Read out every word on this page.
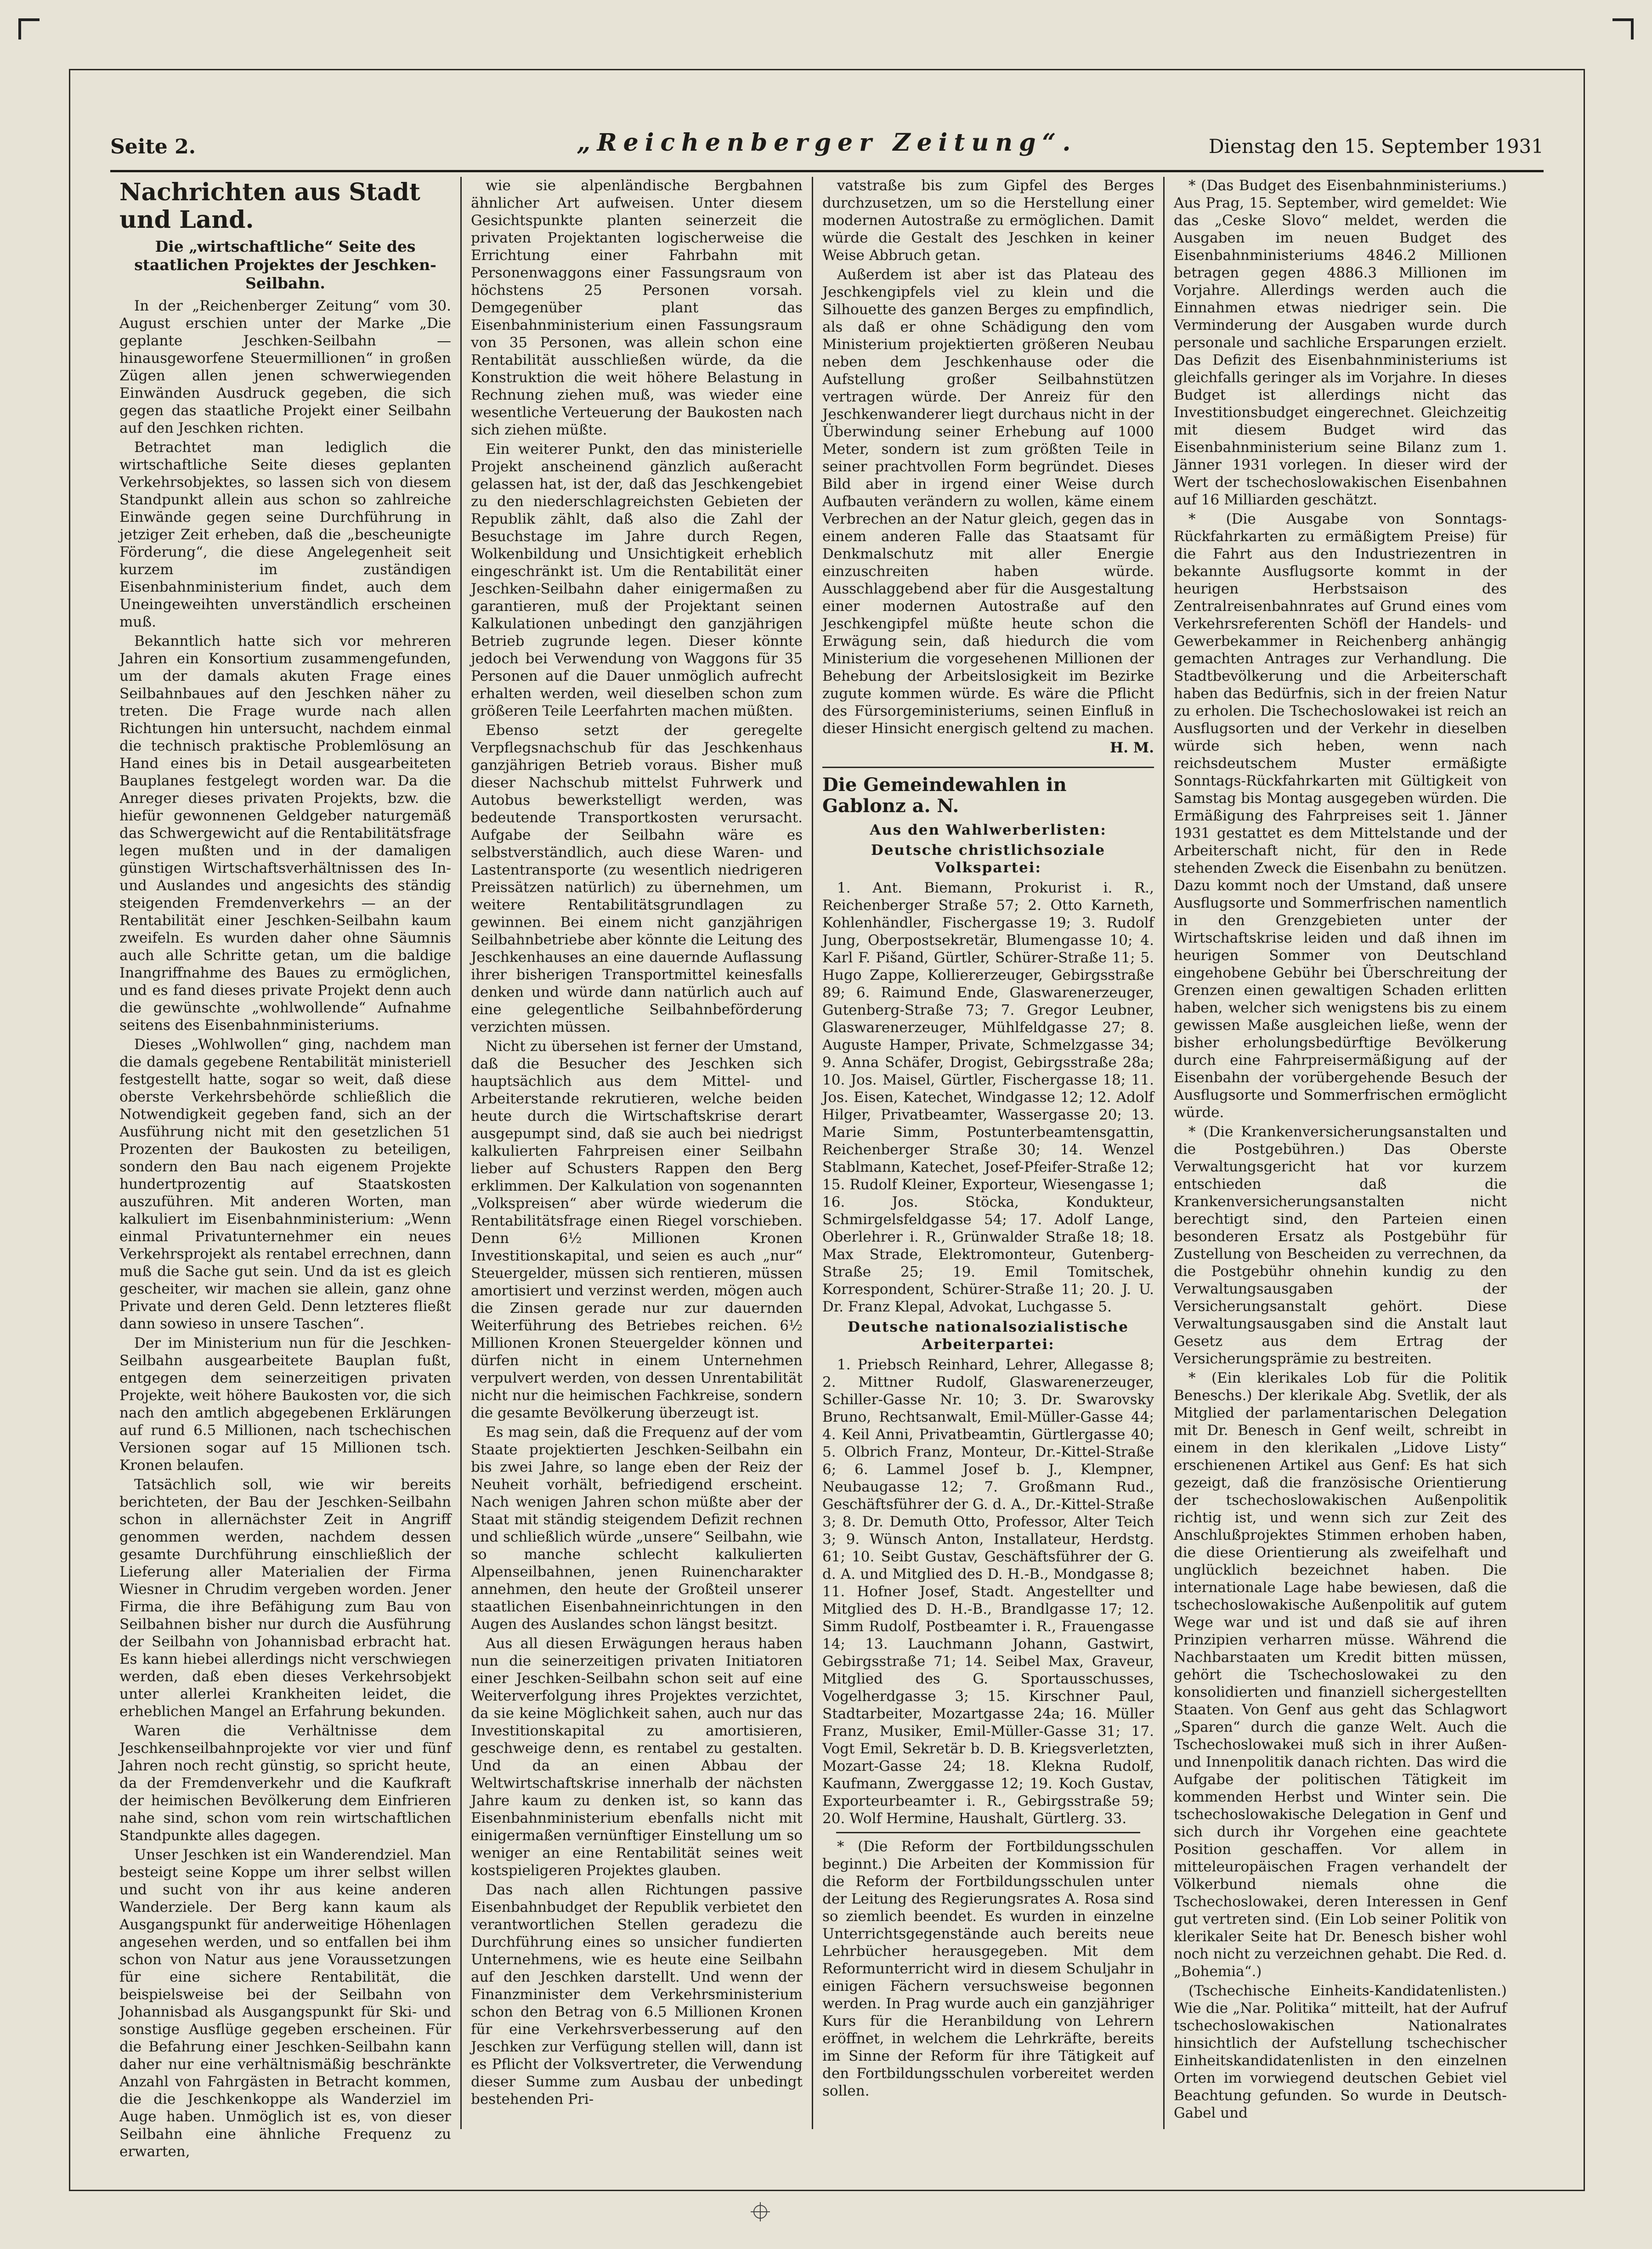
Seite 2.	„Reichenberger Zeitung“.	Dienstag den 15. September 1931
Nachrichten aus Stadt und Land.
Die „wirtschaftliche“ Seite des staatlichen Projektes der Jeschken-Seilbahn.

In der „Reichenberger Zeitung“ vom 30. August erschien unter der Marke „Die geplante Jeschken-Seilbahn — hinausgeworfene Steuermillionen“ in großen Zügen allen jenen schwerwiegenden Einwänden Ausdruck gegeben, die sich gegen das staatliche Projekt einer Seilbahn auf den Jeschken richten.

Betrachtet man lediglich die wirtschaftliche Seite dieses geplanten Verkehrsobjektes, so lassen sich von diesem Standpunkt allein aus schon so zahlreiche Einwände gegen seine Durchführung in jetziger Zeit erheben, daß die „bescheunigte Förderung“, die diese Angelegenheit seit kurzem im zuständigen Eisenbahnministerium findet, auch dem Uneingeweihten unverständlich erscheinen muß.

Bekanntlich hatte sich vor mehreren Jahren ein Konsortium zusammengefunden, um der damals akuten Frage eines Seilbahnbaues auf den Jeschken näher zu treten. Die Frage wurde nach allen Richtungen hin untersucht, nachdem einmal die technisch praktische Problemlösung an Hand eines bis in Detail ausgearbeiteten Bauplanes festgelegt worden war. Da die Anreger dieses privaten Projekts, bzw. die hiefür gewonnenen Geldgeber naturgemäß das Schwergewicht auf die Rentabilitätsfrage legen mußten und in der damaligen günstigen Wirtschaftsverhältnissen des In- und Auslandes und angesichts des ständig steigenden Fremdenverkehrs — an der Rentabilität einer Jeschken-Seilbahn kaum zweifeln. Es wurden daher ohne Säumnis auch alle Schritte getan, um die baldige Inangriffnahme des Baues zu ermöglichen, und es fand dieses private Projekt denn auch die gewünschte „wohlwollende“ Aufnahme seitens des Eisenbahnministeriums.

Dieses „Wohlwollen“ ging, nachdem man die damals gegebene Rentabilität ministeriell festgestellt hatte, sogar so weit, daß diese oberste Verkehrsbehörde schließlich die Notwendigkeit gegeben fand, sich an der Ausführung nicht mit den gesetzlichen 51 Prozenten der Baukosten zu beteiligen, sondern den Bau nach eigenem Projekte hundertprozentig auf Staatskosten auszuführen. Mit anderen Worten, man kalkuliert im Eisenbahnministerium: „Wenn einmal Privatunternehmer ein neues Verkehrsprojekt als rentabel errechnen, dann muß die Sache gut sein. Und da ist es gleich gescheiter, wir machen sie allein, ganz ohne Private und deren Geld. Denn letzteres fließt dann sowieso in unsere Taschen“.

Der im Ministerium nun für die Jeschken-Seilbahn ausgearbeitete Bauplan fußt, entgegen dem seinerzeitigen privaten Projekte, weit höhere Baukosten vor, die sich nach den amtlich abgegebenen Erklärungen auf rund 6.5 Millionen, nach tschechischen Versionen sogar auf 15 Millionen tsch. Kronen belaufen.

Tatsächlich soll, wie wir bereits berichteten, der Bau der Jeschken-Seilbahn schon in allernächster Zeit in Angriff genommen werden, nachdem dessen gesamte Durchführung einschließlich der Lieferung aller Materialien der Firma Wiesner in Chrudim vergeben worden. Jener Firma, die ihre Befähigung zum Bau von Seilbahnen bisher nur durch die Ausführung der Seilbahn von Johannisbad erbracht hat. Es kann hiebei allerdings nicht verschwiegen werden, daß eben dieses Verkehrsobjekt unter allerlei Krankheiten leidet, die erheblichen Mangel an Erfahrung bekunden.

Waren die Verhältnisse dem Jeschkenseilbahnprojekte vor vier und fünf Jahren noch recht günstig, so spricht heute, da der Fremdenverkehr und die Kaufkraft der heimischen Bevölkerung dem Einfrieren nahe sind, schon vom rein wirtschaftlichen Standpunkte alles dagegen.

Unser Jeschken ist ein Wanderendziel. Man besteigt seine Koppe um ihrer selbst willen und sucht von ihr aus keine anderen Wanderziele. Der Berg kann kaum als Ausgangspunkt für anderweitige Höhenlagen angesehen werden, und so entfallen bei ihm schon von Natur aus jene Voraussetzungen für eine sichere Rentabilität, die beispielsweise bei der Seilbahn von Johannisbad als Ausgangspunkt für Ski- und sonstige Ausflüge gegeben erscheinen. Für die Befahrung einer Jeschken-Seilbahn kann daher nur eine verhältnismäßig beschränkte Anzahl von Fahrgästen in Betracht kommen, die die Jeschkenkoppe als Wanderziel im Auge haben. Unmöglich ist es, von dieser Seilbahn eine ähnliche Frequenz zu erwarten,

wie sie alpenländische Bergbahnen ähnlicher Art aufweisen. Unter diesem Gesichtspunkte planten seinerzeit die privaten Projektanten logischerweise die Errichtung einer Fahrbahn mit Personenwaggons einer Fassungsraum von höchstens 25 Personen vorsah. Demgegenüber plant das Eisenbahnministerium einen Fassungsraum von 35 Personen, was allein schon eine Rentabilität ausschließen würde, da die Konstruktion die weit höhere Belastung in Rechnung ziehen muß, was wieder eine wesentliche Verteuerung der Baukosten nach sich ziehen müßte.

Ein weiterer Punkt, den das ministerielle Projekt anscheinend gänzlich außeracht gelassen hat, ist der, daß das Jeschkengebiet zu den niederschlagreichsten Gebieten der Republik zählt, daß also die Zahl der Besuchstage im Jahre durch Regen, Wolkenbildung und Unsichtigkeit erheblich eingeschränkt ist. Um die Rentabilität einer Jeschken-Seilbahn daher einigermaßen zu garantieren, muß der Projektant seinen Kalkulationen unbedingt den ganzjährigen Betrieb zugrunde legen. Dieser könnte jedoch bei Verwendung von Waggons für 35 Personen auf die Dauer unmöglich aufrecht erhalten werden, weil dieselben schon zum größeren Teile Leerfahrten machen müßten.

Ebenso setzt der geregelte Verpflegsnachschub für das Jeschkenhaus ganzjährigen Betrieb voraus. Bisher muß dieser Nachschub mittelst Fuhrwerk und Autobus bewerkstelligt werden, was bedeutende Transportkosten verursacht. Aufgabe der Seilbahn wäre es selbstverständlich, auch diese Waren- und Lastentransporte (zu wesentlich niedrigeren Preissätzen natürlich) zu übernehmen, um weitere Rentabilitätsgrundlagen zu gewinnen. Bei einem nicht ganzjährigen Seilbahnbetriebe aber könnte die Leitung des Jeschkenhauses an eine dauernde Auflassung ihrer bisherigen Transportmittel keinesfalls denken und würde dann natürlich auch auf eine gelegentliche Seilbahnbeförderung verzichten müssen.

Nicht zu übersehen ist ferner der Umstand, daß die Besucher des Jeschken sich hauptsächlich aus dem Mittel- und Arbeiterstande rekrutieren, welche beiden heute durch die Wirtschaftskrise derart ausgepumpt sind, daß sie auch bei niedrigst kalkulierten Fahrpreisen einer Seilbahn lieber auf Schusters Rappen den Berg erklimmen. Der Kalkulation von sogenannten „Volkspreisen“ aber würde wiederum die Rentabilitätsfrage einen Riegel vorschieben. Denn 6½ Millionen Kronen Investitionskapital, und seien es auch „nur“ Steuergelder, müssen sich rentieren, müssen amortisiert und verzinst werden, mögen auch die Zinsen gerade nur zur dauernden Weiterführung des Betriebes reichen. 6½ Millionen Kronen Steuergelder können und dürfen nicht in einem Unternehmen verpulvert werden, von dessen Unrentabilität nicht nur die heimischen Fachkreise, sondern die gesamte Bevölkerung überzeugt ist.

Es mag sein, daß die Frequenz auf der vom Staate projektierten Jeschken-Seilbahn ein bis zwei Jahre, so lange eben der Reiz der Neuheit vorhält, befriedigend erscheint. Nach wenigen Jahren schon müßte aber der Staat mit ständig steigendem Defizit rechnen und schließlich würde „unsere“ Seilbahn, wie so manche schlecht kalkulierten Alpenseilbahnen, jenen Ruinencharakter annehmen, den heute der Großteil unserer staatlichen Eisenbahneinrichtungen in den Augen des Auslandes schon längst besitzt.

Aus all diesen Erwägungen heraus haben nun die seinerzeitigen privaten Initiatoren einer Jeschken-Seilbahn schon seit auf eine Weiterverfolgung ihres Projektes verzichtet, da sie keine Möglichkeit sahen, auch nur das Investitionskapital zu amortisieren, geschweige denn, es rentabel zu gestalten. Und da an einen Abbau der Weltwirtschaftskrise innerhalb der nächsten Jahre kaum zu denken ist, so kann das Eisenbahnministerium ebenfalls nicht mit einigermaßen vernünftiger Einstellung um so weniger an eine Rentabilität seines weit kostspieligeren Projektes glauben.

Das nach allen Richtungen passive Eisenbahnbudget der Republik verbietet den verantwortlichen Stellen geradezu die Durchführung eines so unsicher fundierten Unternehmens, wie es heute eine Seilbahn auf den Jeschken darstellt. Und wenn der Finanzminister dem Verkehrsministerium schon den Betrag von 6.5 Millionen Kronen für eine Verkehrsverbesserung auf den Jeschken zur Verfügung stellen will, dann ist es Pflicht der Volksvertreter, die Verwendung dieser Summe zum Ausbau der unbedingt bestehenden Pri-

vatstraße bis zum Gipfel des Berges durchzusetzen, um so die Herstellung einer modernen Autostraße zu ermöglichen. Damit würde die Gestalt des Jeschken in keiner Weise Abbruch getan.

Außerdem ist aber ist das Plateau des Jeschkengipfels viel zu klein und die Silhouette des ganzen Berges zu empfindlich, als daß er ohne Schädigung den vom Ministerium projektierten größeren Neubau neben dem Jeschkenhause oder die Aufstellung großer Seilbahnstützen vertragen würde. Der Anreiz für den Jeschkenwanderer liegt durchaus nicht in der Überwindung seiner Erhebung auf 1000 Meter, sondern ist zum größten Teile in seiner prachtvollen Form begründet. Dieses Bild aber in irgend einer Weise durch Aufbauten verändern zu wollen, käme einem Verbrechen an der Natur gleich, gegen das in einem anderen Falle das Staatsamt für Denkmalschutz mit aller Energie einzuschreiten haben würde. Ausschlaggebend aber für die Ausgestaltung einer modernen Autostraße auf den Jeschkengipfel müßte heute schon die Erwägung sein, daß hiedurch die vom Ministerium die vorgesehenen Millionen der Behebung der Arbeitslosigkeit im Bezirke zugute kommen würde. Es wäre die Pflicht des Fürsorgeministeriums, seinen Einfluß in dieser Hinsicht energisch geltend zu machen.

H. M.
Die Gemeindewahlen in Gablonz a. N.
Aus den Wahlwerberlisten:
Deutsche christlichsoziale Volkspartei:

1. Ant. Biemann, Prokurist i. R., Reichenberger Straße 57; 2. Otto Karneth, Kohlenhändler, Fischergasse 19; 3. Rudolf Jung, Oberpostsekretär, Blumengasse 10; 4. Karl F. Pišand, Gürtler, Schürer-Straße 11; 5. Hugo Zappe, Kolliererzeuger, Gebirgsstraße 89; 6. Raimund Ende, Glaswarenerzeuger, Gutenberg-Straße 73; 7. Gregor Leubner, Glaswarenerzeuger, Mühlfeldgasse 27; 8. Auguste Hamper, Private, Schmelzgasse 34; 9. Anna Schäfer, Drogist, Gebirgsstraße 28a; 10. Jos. Maisel, Gürtler, Fischergasse 18; 11. Jos. Eisen, Katechet, Windgasse 12; 12. Adolf Hilger, Privatbeamter, Wassergasse 20; 13. Marie Simm, Postunterbeamtensgattin, Reichenberger Straße 30; 14. Wenzel Stablmann, Katechet, Josef-Pfeifer-Straße 12; 15. Rudolf Kleiner, Exporteur, Wiesengasse 1; 16. Jos. Stöcka, Kondukteur, Schmirgelsfeldgasse 54; 17. Adolf Lange, Oberlehrer i. R., Grünwalder Straße 18; 18. Max Strade, Elektromonteur, Gutenberg-Straße 25; 19. Emil Tomitschek, Korrespondent, Schürer-Straße 11; 20. J. U. Dr. Franz Klepal, Advokat, Luchgasse 5.

Deutsche nationalsozialistische Arbeiterpartei:

1. Priebsch Reinhard, Lehrer, Allegasse 8; 2. Mittner Rudolf, Glaswarenerzeuger, Schiller-Gasse Nr. 10; 3. Dr. Swarovsky Bruno, Rechtsanwalt, Emil-Müller-Gasse 44; 4. Keil Anni, Privatbeamtin, Gürtlergasse 40; 5. Olbrich Franz, Monteur, Dr.-Kittel-Straße 6; 6. Lammel Josef b. J., Klempner, Neubaugasse 12; 7. Großmann Rud., Geschäftsführer der G. d. A., Dr.-Kittel-Straße 3; 8. Dr. Demuth Otto, Professor, Alter Teich 3; 9. Wünsch Anton, Installateur, Herdstg. 61; 10. Seibt Gustav, Geschäftsführer der G. d. A. und Mitglied des D. H.-B., Mondgasse 8; 11. Hofner Josef, Stadt. Angestellter und Mitglied des D. H.-B., Brandlgasse 17; 12. Simm Rudolf, Postbeamter i. R., Frauengasse 14; 13. Lauchmann Johann, Gastwirt, Gebirgsstraße 71; 14. Seibel Max, Graveur, Mitglied des G. Sportausschusses, Vogelherdgasse 3; 15. Kirschner Paul, Stadtarbeiter, Mozartgasse 24a; 16. Müller Franz, Musiker, Emil-Müller-Gasse 31; 17. Vogt Emil, Sekretär b. D. B. Kriegsverletzten, Mozart-Gasse 24; 18. Klekna Rudolf, Kaufmann, Zwerggasse 12; 19. Koch Gustav, Exporteurbeamter i. R., Gebirgsstraße 59; 20. Wolf Hermine, Haushalt, Gürtlerg. 33.

* (Die Reform der Fortbildungsschulen beginnt.) Die Arbeiten der Kommission für die Reform der Fortbildungsschulen unter der Leitung des Regierungsrates A. Rosa sind so ziemlich beendet. Es wurden in einzelne Unterrichtsgegenstände auch bereits neue Lehrbücher herausgegeben. Mit dem Reformunterricht wird in diesem Schuljahr in einigen Fächern versuchsweise begonnen werden. In Prag wurde auch ein ganzjähriger Kurs für die Heranbildung von Lehrern eröffnet, in welchem die Lehrkräfte, bereits im Sinne der Reform für ihre Tätigkeit auf den Fortbildungsschulen vorbereitet werden sollen.

* (Das Budget des Eisenbahnministeriums.) Aus Prag, 15. September, wird gemeldet: Wie das „Ceske Slovo“ meldet, werden die Ausgaben im neuen Budget des Eisenbahnministeriums 4846.2 Millionen betragen gegen 4886.3 Millionen im Vorjahre. Allerdings werden auch die Einnahmen etwas niedriger sein. Die Verminderung der Ausgaben wurde durch personale und sachliche Ersparungen erzielt. Das Defizit des Eisenbahnministeriums ist gleichfalls geringer als im Vorjahre. In dieses Budget ist allerdings nicht das Investitionsbudget eingerechnet. Gleichzeitig mit diesem Budget wird das Eisenbahnministerium seine Bilanz zum 1. Jänner 1931 vorlegen. In dieser wird der Wert der tschechoslowakischen Eisenbahnen auf 16 Milliarden geschätzt.

* (Die Ausgabe von Sonntags-Rückfahrkarten zu ermäßigtem Preise) für die Fahrt aus den Industriezentren in bekannte Ausflugsorte kommt in der heurigen Herbstsaison des Zentralreisenbahnrates auf Grund eines vom Verkehrsreferenten Schöfl der Handels- und Gewerbekammer in Reichenberg anhängig gemachten Antrages zur Verhandlung. Die Stadtbevölkerung und die Arbeiterschaft haben das Bedürfnis, sich in der freien Natur zu erholen. Die Tschechoslowakei ist reich an Ausflugsorten und der Verkehr in dieselben würde sich heben, wenn nach reichsdeutschem Muster ermäßigte Sonntags-Rückfahrkarten mit Gültigkeit von Samstag bis Montag ausgegeben würden. Die Ermäßigung des Fahrpreises seit 1. Jänner 1931 gestattet es dem Mittelstande und der Arbeiterschaft nicht, für den in Rede stehenden Zweck die Eisenbahn zu benützen. Dazu kommt noch der Umstand, daß unsere Ausflugsorte und Sommerfrischen namentlich in den Grenzgebieten unter der Wirtschaftskrise leiden und daß ihnen im heurigen Sommer von Deutschland eingehobene Gebühr bei Überschreitung der Grenzen einen gewaltigen Schaden erlitten haben, welcher sich wenigstens bis zu einem gewissen Maße ausgleichen ließe, wenn der bisher erholungsbedürftige Bevölkerung durch eine Fahrpreisermäßigung auf der Eisenbahn der vorübergehende Besuch der Ausflugsorte und Sommerfrischen ermöglicht würde.

* (Die Krankenversicherungsanstalten und die Postgebühren.) Das Oberste Verwaltungsgericht hat vor kurzem entschieden daß die Krankenversicherungsanstalten nicht berechtigt sind, den Parteien einen besonderen Ersatz als Postgebühr für Zustellung von Bescheiden zu verrechnen, da die Postgebühr ohnehin kundig zu den Verwaltungsausgaben der Versicherungsanstalt gehört. Diese Verwaltungsausgaben sind die Anstalt laut Gesetz aus dem Ertrag der Versicherungsprämie zu bestreiten.

* (Ein klerikales Lob für die Politik Beneschs.) Der klerikale Abg. Svetlik, der als Mitglied der parlamentarischen Delegation mit Dr. Benesch in Genf weilt, schreibt in einem in den klerikalen „Lidove Listy“ erschienenen Artikel aus Genf: Es hat sich gezeigt, daß die französische Orientierung der tschechoslowakischen Außenpolitik richtig ist, und wenn sich zur Zeit des Anschlußprojektes Stimmen erhoben haben, die diese Orientierung als zweifelhaft und unglücklich bezeichnet haben. Die internationale Lage habe bewiesen, daß die tschechoslowakische Außenpolitik auf gutem Wege war und ist und daß sie auf ihren Prinzipien verharren müsse. Während die Nachbarstaaten um Kredit bitten müssen, gehört die Tschechoslowakei zu den konsolidierten und finanziell sichergestellten Staaten. Von Genf aus geht das Schlagwort „Sparen“ durch die ganze Welt. Auch die Tschechoslowakei muß sich in ihrer Außen- und Innenpolitik danach richten. Das wird die Aufgabe der politischen Tätigkeit im kommenden Herbst und Winter sein. Die tschechoslowakische Delegation in Genf und sich durch ihr Vorgehen eine geachtete Position geschaffen. Vor allem in mitteleuropäischen Fragen verhandelt der Völkerbund niemals ohne die Tschechoslowakei, deren Interessen in Genf gut vertreten sind. (Ein Lob seiner Politik von klerikaler Seite hat Dr. Benesch bisher wohl noch nicht zu verzeichnen gehabt. Die Red. d. „Bohemia“.)

(Tschechische Einheits-Kandidatenlisten.) Wie die „Nar. Politika“ mitteilt, hat der Aufruf tschechoslowakischen Nationalrates hinsichtlich der Aufstellung tschechischer Einheitskandidatenlisten in den einzelnen Orten im vorwiegend deutschen Gebiet viel Beachtung gefunden. So wurde in Deutsch-Gabel und
